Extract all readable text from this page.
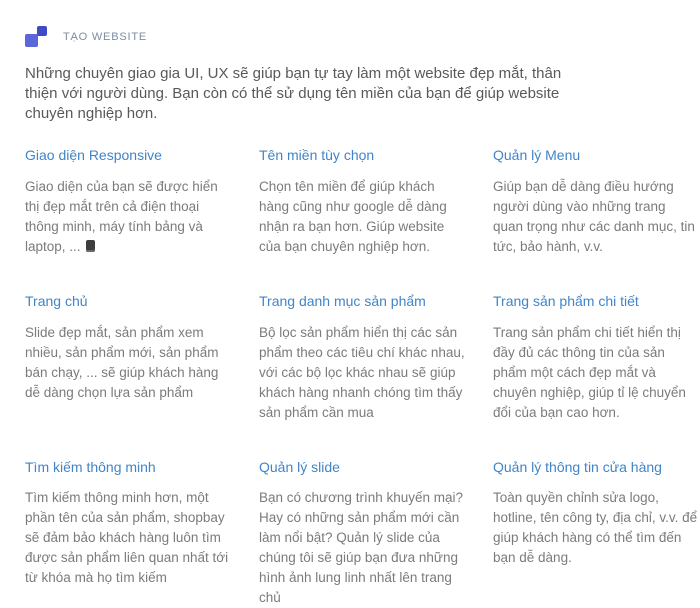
TẠO WEBSITE

Những chuyên giao gia UI, UX sẽ giúp bạn tự tay làm một website đẹp mắt, thân thiện với người dùng. Bạn còn có thể sử dụng tên miền của bạn để giúp website chuyên nghiệp hơn.

Giao diện Responsive

Giao diện của bạn sẽ được hiển thị đẹp mắt trên cả điện thoại thông minh, máy tính bảng và laptop, ...

Tên miền tùy chọn

Chọn tên miền để giúp khách hàng cũng như google dễ dàng nhận ra bạn hơn. Giúp website của bạn chuyên nghiệp hơn.

Quản lý Menu

Giúp bạn dễ dàng điều hướng người dùng vào những trang quan trọng như các danh mục, tin tức, bảo hành, v.v.

Trang chủ

Slide đẹp mắt, sản phẩm xem nhiều, sản phẩm mới, sản phẩm bán chạy, ... sẽ giúp khách hàng dễ dàng chọn lựa sản phẩm

Trang danh mục sản phẩm

Bộ lọc sản phẩm hiển thị các sản phẩm theo các tiêu chí khác nhau, với các bộ lọc khác nhau sẽ giúp khách hàng nhanh chóng tìm thấy sản phẩm cần mua

Trang sản phẩm chi tiết

Trang sản phẩm chi tiết hiển thị đầy đủ các thông tin của sản phẩm một cách đẹp mắt và chuyên nghiệp, giúp tỉ lệ chuyển đổi của bạn cao hơn.

Tìm kiếm thông minh

Tìm kiếm thông minh hơn, một phần tên của sản phẩm, shopbay sẽ đảm bảo khách hàng luôn tìm được sản phẩm liên quan nhất tới từ khóa mà họ tìm kiếm

Quản lý slide

Bạn có chương trình khuyến mại? Hay có những sản phẩm mới cần làm nổi bật? Quản lý slide của chúng tôi sẽ giúp bạn đưa những hình ảnh lung linh nhất lên trang chủ

Quản lý thông tin cửa hàng

Toàn quyền chỉnh sửa logo, hotline, tên công ty, địa chỉ, v.v. để giúp khách hàng có thể tìm đến bạn dễ dàng.
